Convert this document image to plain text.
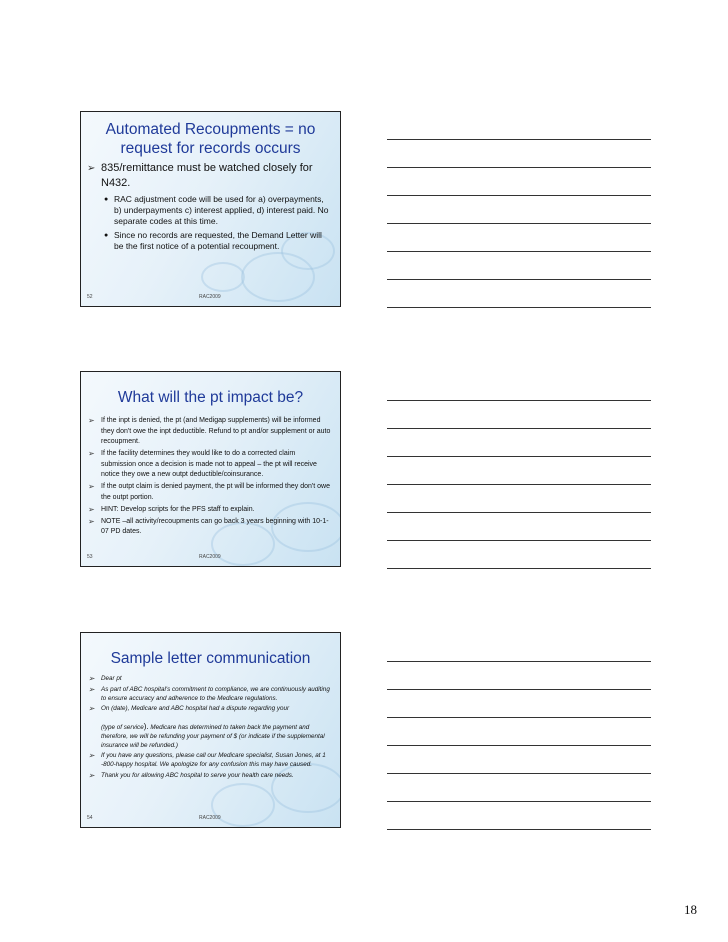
Automated Recoupments = no request for records occurs
➢ 835/remittance must be watched closely for N432.
● RAC adjustment code will be used for a) overpayments, b) underpayments c) interest applied, d) interest paid. No separate codes at this time.
● Since no records are requested, the Demand Letter will be the first notice of a potential recoupment.
52	RAC2009
What will the pt impact be?
➢ If the inpt is denied, the pt (and Medigap supplements) will be informed they don't owe the inpt deductible. Refund to pt and/or supplement or auto recoupment.
➢ If the facility determines they would like to do a corrected claim submission once a decision is made not to appeal – the pt will receive notice they owe a new outpt deductible/coinsurance.
➢ If the outpt claim is denied payment, the pt will be informed they don't owe the outpt portion.
➢ HINT: Develop scripts for the PFS staff to explain.
➢ NOTE –all activity/recoupments can go back 3 years beginning with 10-1-07 PD dates.
53	RAC2009
Sample letter communication
➢ Dear pt
➢ As part of ABC hospital's commitment to compliance, we are continuously auditing to ensure accuracy and adherence to the Medicare regulations.
➢ On (date), Medicare and ABC hospital had a dispute regarding your

(type of service). Medicare has determined to taken back the payment and therefore, we will be refunding your payment of $ (or indicate if the supplemental insurance will be refunded.)
➢ If you have any questions, please call our Medicare specialist, Susan Jones, at 1 -800-happy hospital. We apologize for any confusion this may have caused.
➢ Thank you for allowing ABC hospital to serve your health care needs.
54	RAC2009
18
